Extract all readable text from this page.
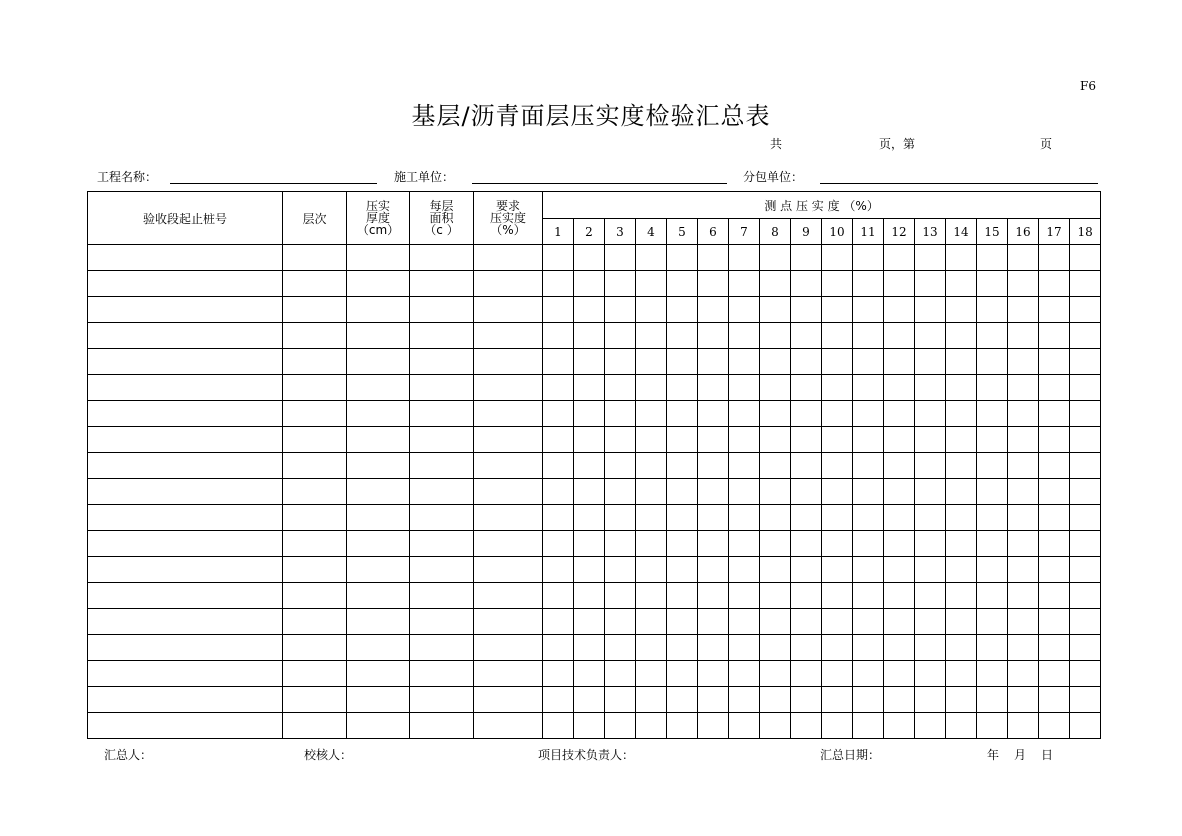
F6
基层/沥青面层压实度检验汇总表
共	页，第	页
工程名称：	施工单位：	分包单位：
验收段起止桩号	层次	压实
厚度
（cm）	每层
面积
（c ）	要求
压实度
（%）	测 点 压 实 度 （%）																	
					1	2	3	4	5	6	7	8	9	10	11	12	13	14	15	16	17	18

汇总人：	校核人：	项目技术负责人：	汇总日期：	年 月 日
